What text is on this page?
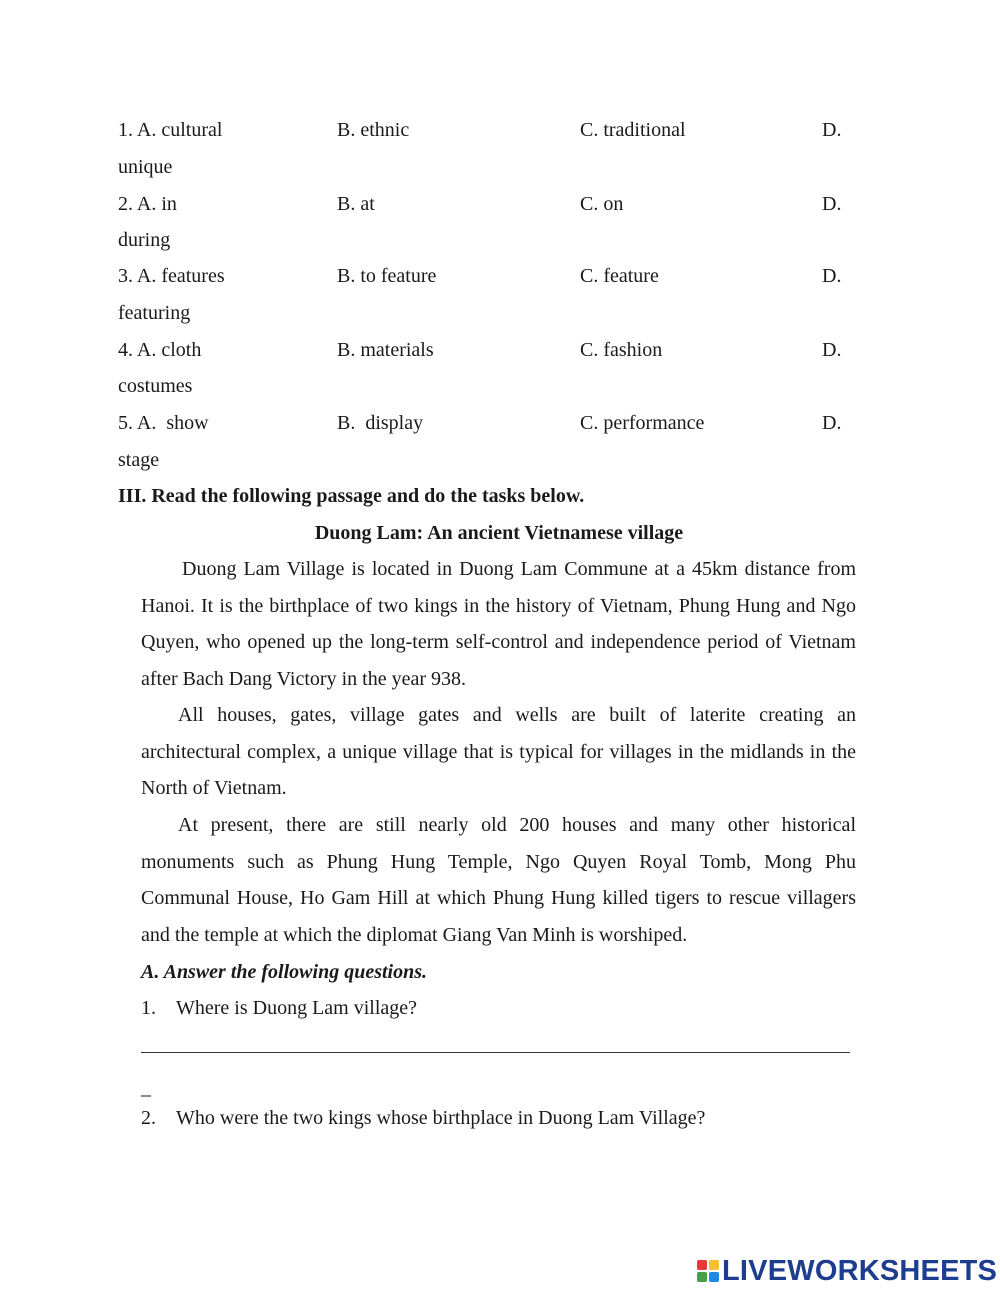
1. A. cultural	B. ethnic	C. traditional	D.
unique
2. A. in	B. at	C. on	D.
during
3. A. features	B. to feature	C. feature	D.
featuring
4. A. cloth	B. materials	C. fashion	D.
costumes
5. A.  show	B.  display	C. performance	D.
stage
III. Read the following passage and do the tasks below.
Duong Lam: An ancient Vietnamese village

Duong Lam Village is located in Duong Lam Commune at a 45km distance from Hanoi. It is the birthplace of two kings in the history of Vietnam, Phung Hung and Ngo Quyen, who opened up the long-term self-control and independence period of Vietnam after Bach Dang Victory in the year 938.

All houses, gates, village gates and wells are built of laterite creating an architectural complex, a unique village that is typical for villages in the midlands in the North of Vietnam.

At present, there are still nearly old 200 houses and many other historical monuments such as Phung Hung Temple, Ngo Quyen Royal Tomb, Mong Phu Communal House, Ho Gam Hill at which Phung Hung killed tigers to rescue villagers and the temple at which the diplomat Giang Van Minh is worshiped.

A. Answer the following questions.
1. Where is Duong Lam village?
_
2. Who were the two kings whose birthplace in Duong Lam Village?
LIVEWORKSHEETS
